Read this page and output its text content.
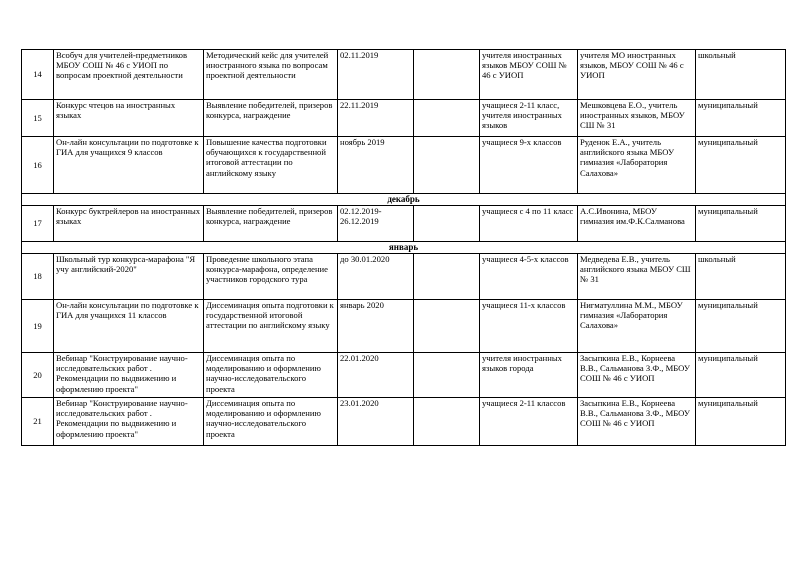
14	Всобуч для учителей-предметников МБОУ СОШ № 46 с УИОП по вопросам проектной деятельности	Методический кейс для учителей иностранного языка по вопросам проектной деятельности	02.11.2019		учителя иностранных языков МБОУ СОШ № 46 с УИОП	учителя МО иностранных языков, МБОУ СОШ № 46 с УИОП	школьный

15	Конкурс чтецов на иностранных языках	Выявление победителей, призеров конкурса, награждение	22.11.2019		учащиеся 2-11 класс, учителя иностранных языков	Мешковцева Е.О., учитель иностранных языков, МБОУ СШ № 31	муниципальный

16	Он-лайн консультации по подготовке к ГИА для учащихся 9 классов	Повышение качества подготовки обучающихся к государственной итоговой аттестации по английскому языку	ноябрь 2019		учащиеся 9-х классов	Руденок Е.А., учитель английского языка МБОУ гимназия «Лаборатория Салахова»	муниципальный

декабрь							
17	Конкурс буктрейлеров на иностранных языках	Выявление победителей, призеров конкурса, награждение	02.12.2019-26.12.2019		учащиеся с 4 по 11 класс	А.С.Ивонина, МБОУ гимназия им.Ф.К.Салманова	муниципальный

январь							
18	Школьный тур конкурса-марафона "Я учу английский-2020"	Проведение школьного этапа конкурса-марафона, определение участников городского тура	до 30.01.2020		учащиеся 4-5-х классов	Медведева Е.В., учитель английского языка МБОУ СШ № 31	школьный

19	Он-лайн консультации по подготовке к ГИА для учащихся 11 классов	Диссеминация опыта подготовки к государственной итоговой аттестации по английскому языку	январь 2020		учащиеся 11-х классов	Нигматуллина М.М., МБОУ гимназия «Лаборатория Салахова»	муниципальный

20	Вебинар "Конструирование научно-исследовательских работ . Рекомендации по выдвижению и оформлению проекта"	Диссеминация опыта по моделированию и оформлению научно-исследовательского проекта	22.01.2020		учителя иностранных языков города	Засыпкина Е.В., Корнеева В.В., Сальманова З.Ф., МБОУ СОШ № 46 с УИОП	муниципальный

21	Вебинар "Конструирование научно-исследовательских работ . Рекомендации по выдвижению и оформлению проекта"	Диссеминация опыта по моделированию и оформлению научно-исследовательского проекта	23.01.2020		учащиеся 2-11 классов	Засыпкина Е.В., Корнеева В.В., Сальманова З.Ф., МБОУ СОШ № 46 с УИОП	муниципальный
